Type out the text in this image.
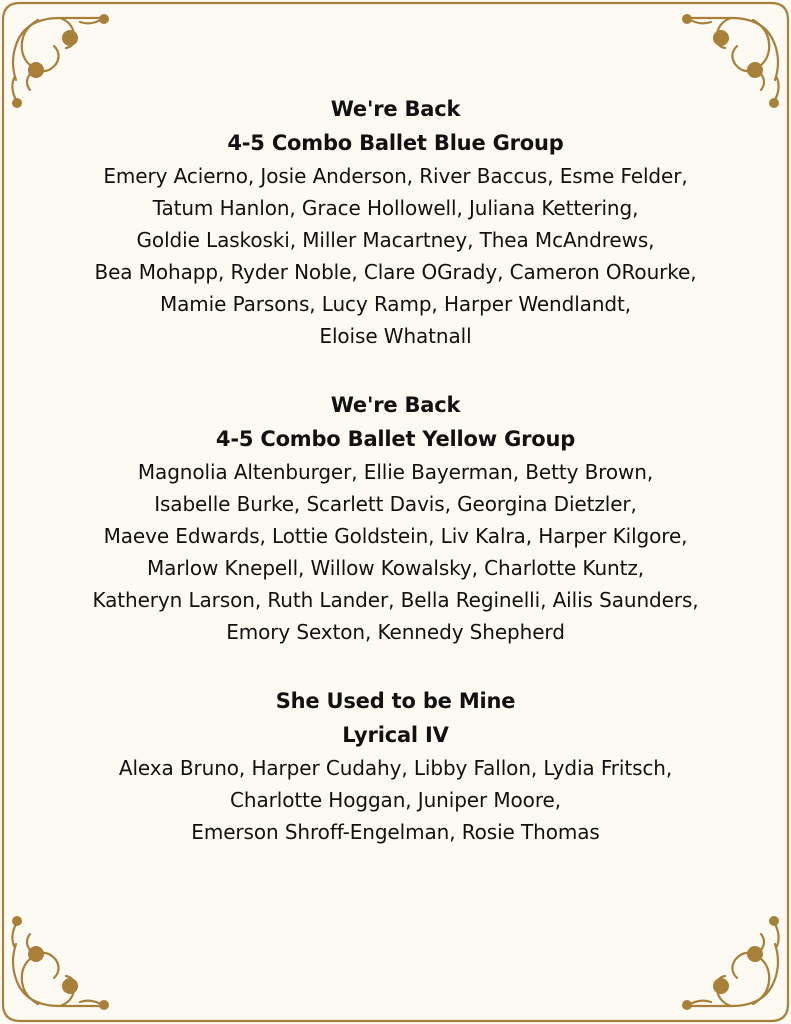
We're Back
4-5 Combo Ballet Blue Group
Emery Acierno, Josie Anderson, River Baccus, Esme Felder,
Tatum Hanlon, Grace Hollowell, Juliana Kettering,
Goldie Laskoski, Miller Macartney, Thea McAndrews,
Bea Mohapp, Ryder Noble, Clare OGrady, Cameron ORourke,
Mamie Parsons, Lucy Ramp, Harper Wendlandt,
Eloise Whatnall
We're Back
4-5 Combo Ballet Yellow Group
Magnolia Altenburger, Ellie Bayerman, Betty Brown,
Isabelle Burke, Scarlett Davis, Georgina Dietzler,
Maeve Edwards, Lottie Goldstein, Liv Kalra, Harper Kilgore,
Marlow Knepell, Willow Kowalsky, Charlotte Kuntz,
Katheryn Larson, Ruth Lander, Bella Reginelli, Ailis Saunders,
Emory Sexton, Kennedy Shepherd
She Used to be Mine
Lyrical IV
Alexa Bruno, Harper Cudahy, Libby Fallon, Lydia Fritsch,
Charlotte Hoggan, Juniper Moore,
Emerson Shroff-Engelman, Rosie Thomas
